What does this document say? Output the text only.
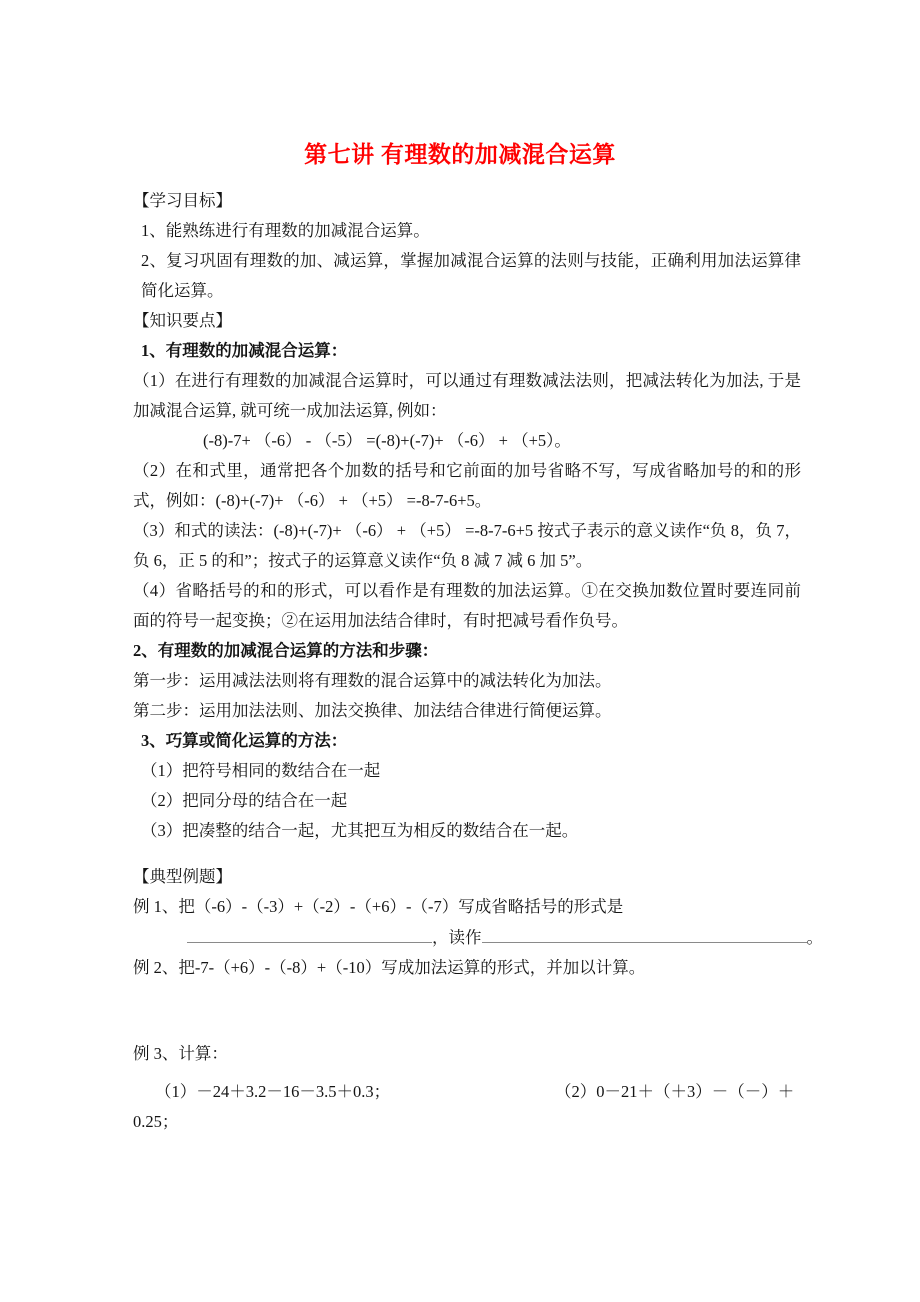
第七讲 有理数的加减混合运算
【学习目标】
1、能熟练进行有理数的加减混合运算。
2、复习巩固有理数的加、减运算，掌握加减混合运算的法则与技能，正确利用加法运算律简化运算。
【知识要点】
1、有理数的加减混合运算：
（1）在进行有理数的加减混合运算时，可以通过有理数减法法则，把减法转化为加法, 于是加减混合运算, 就可统一成加法运算, 例如：
(-8)-7+ （-6） - （-5） =(-8)+(-7)+ （-6） + （+5）。
（2）在和式里，通常把各个加数的括号和它前面的加号省略不写，写成省略加号的和的形式，例如：(-8)+(-7)+ （-6） + （+5） =-8-7-6+5。
（3）和式的读法：(-8)+(-7)+ （-6） + （+5） =-8-7-6+5 按式子表示的意义读作“负 8，负 7，负 6，正 5 的和”；按式子的运算意义读作“负 8 减 7 减 6 加 5”。
（4）省略括号的和的形式，可以看作是有理数的加法运算。①在交换加数位置时要连同前面的符号一起变换；②在运用加法结合律时，有时把减号看作负号。
2、有理数的加减混合运算的方法和步骤：
第一步：运用减法法则将有理数的混合运算中的减法转化为加法。
第二步：运用加法法则、加法交换律、加法结合律进行简便运算。
3、巧算或简化运算的方法：
（1）把符号相同的数结合在一起
（2）把同分母的结合在一起
（3）把凑整的结合一起，尤其把互为相反的数结合在一起。
【典型例题】
例 1、把（-6）-（-3）+（-2）-（+6）-（-7）写成省略括号的形式是
，读作	。
例 2、把-7-（+6）-（-8）+（-10）写成加法运算的形式，并加以计算。
例 3、计算：
（1）－24＋3.2－16－3.5＋0.3；	（2）0－21＋（＋3）－（－）＋
0.25；
